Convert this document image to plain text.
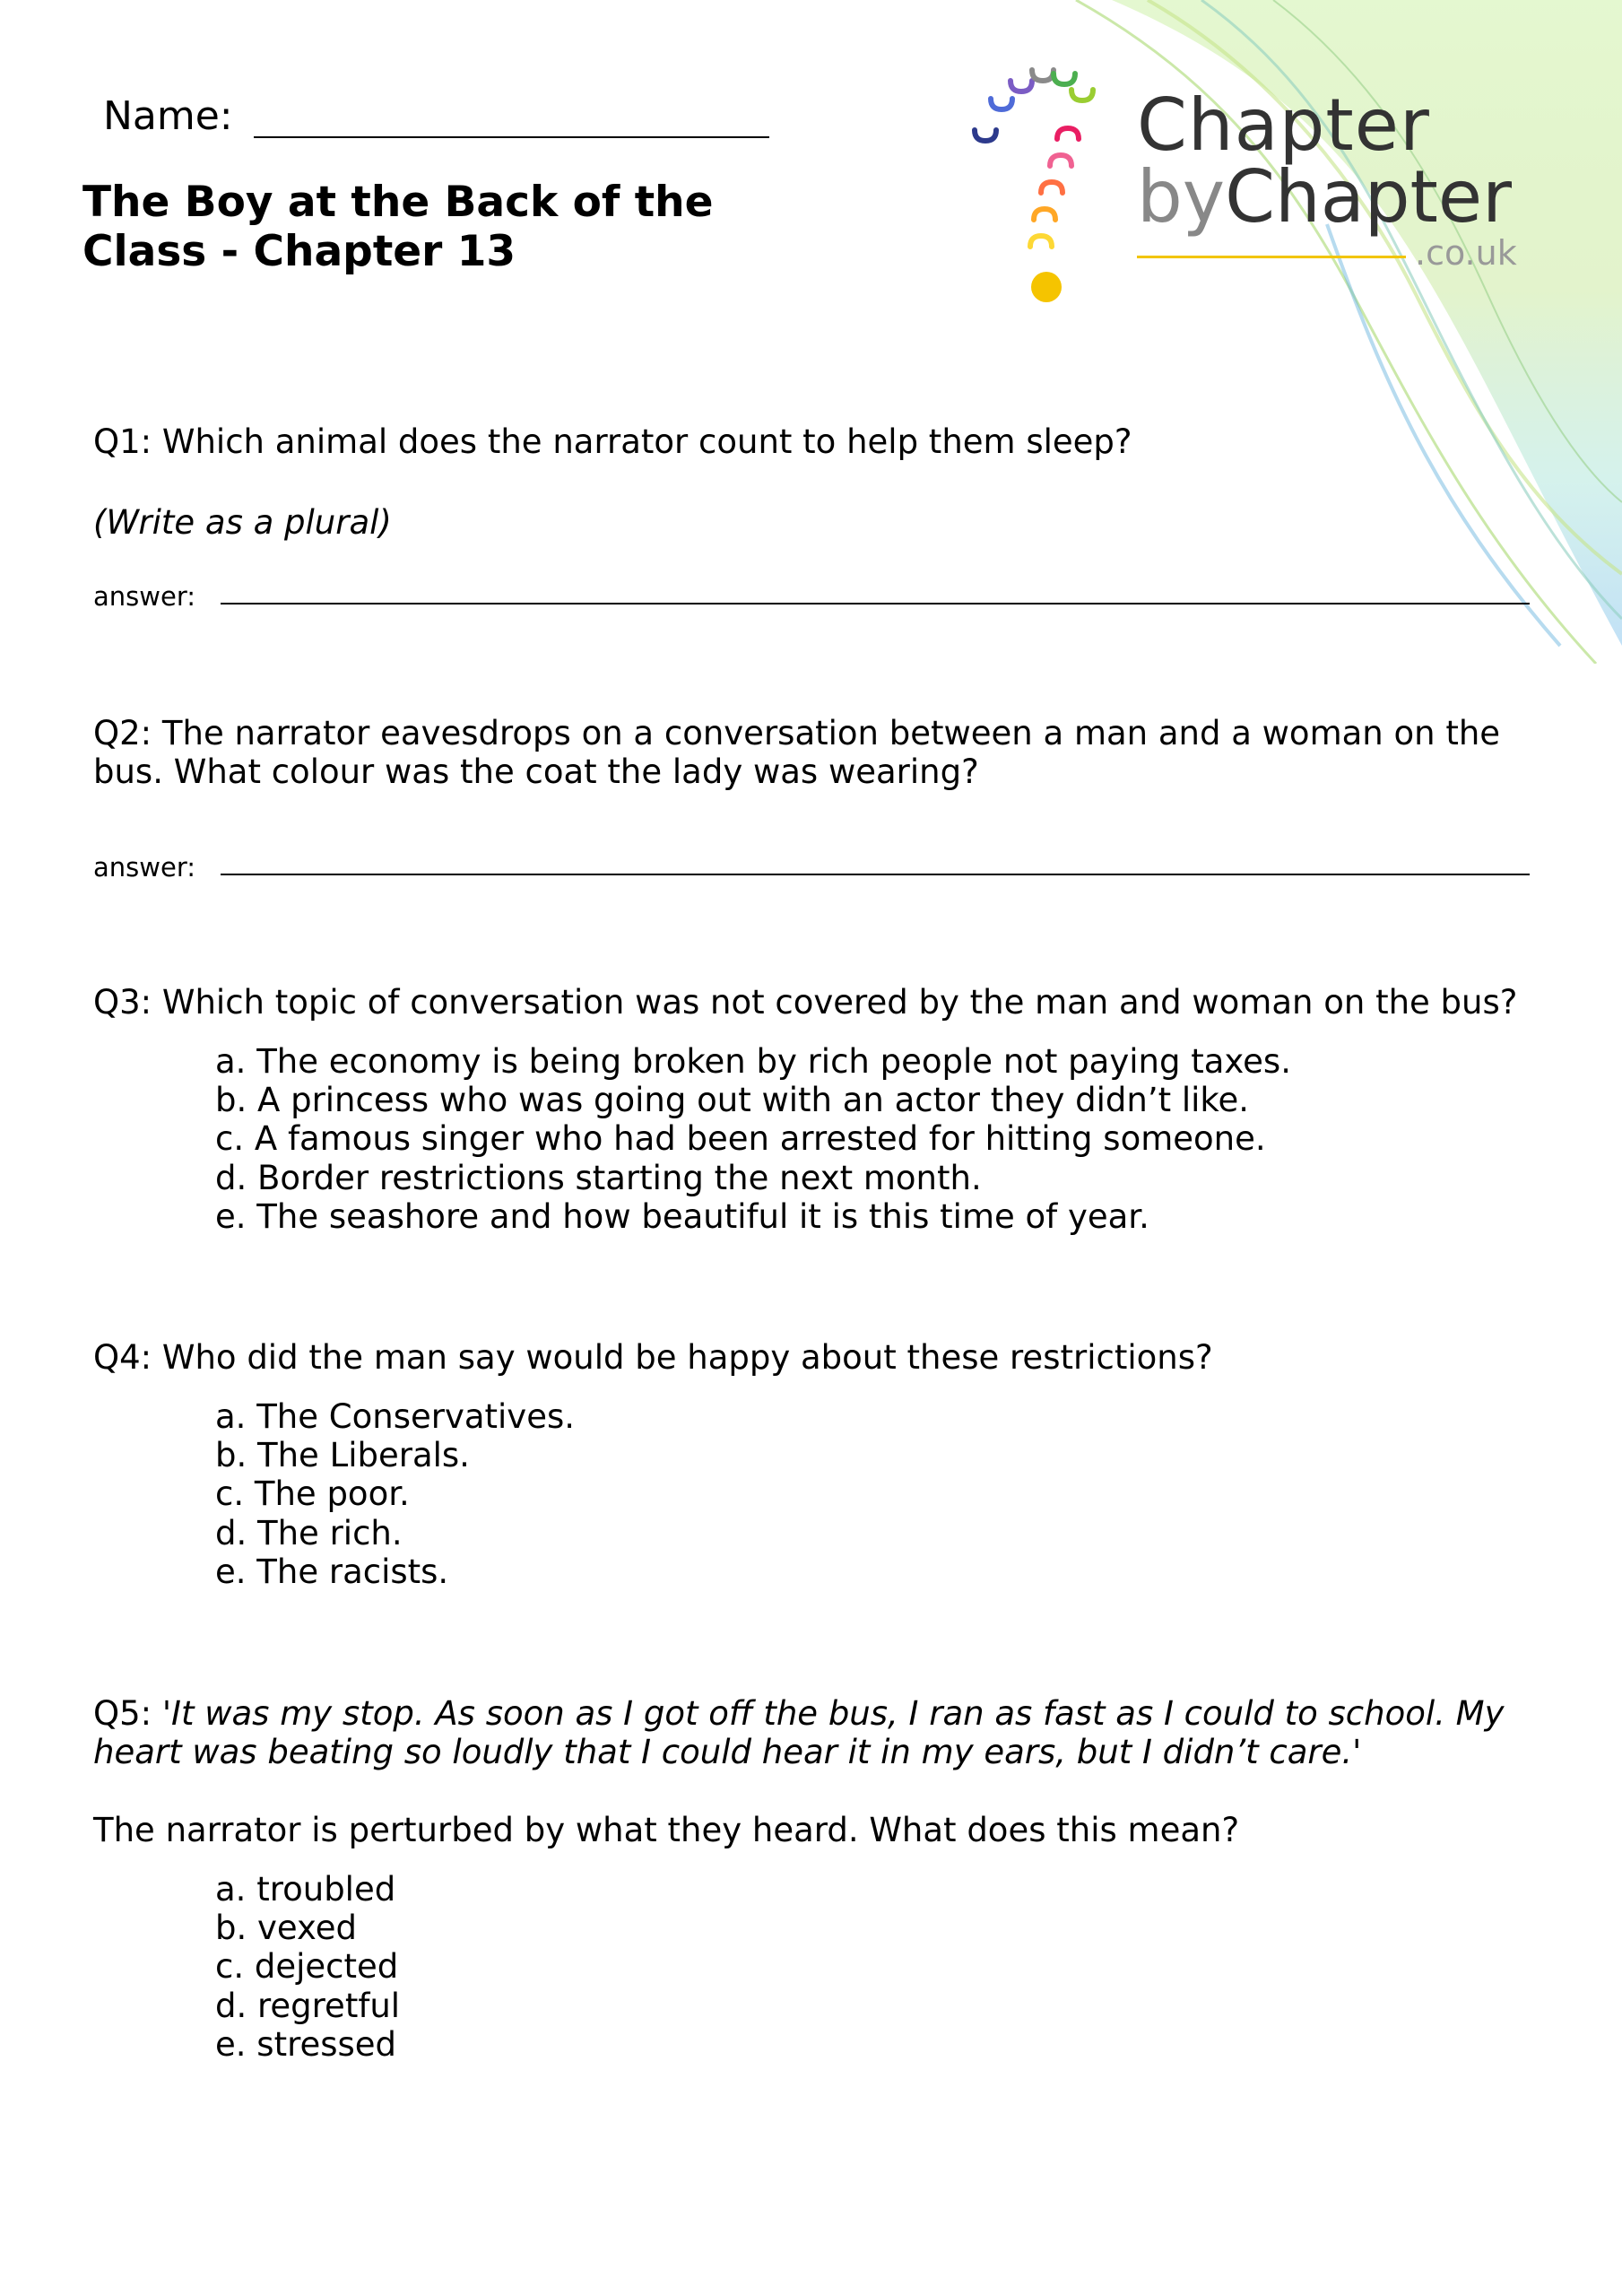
Chapter
byChapter
.co.uk
Name:
The Boy at the Back of the
Class - Chapter 13
Q1: Which animal does the narrator count to help them sleep?
(Write as a plural)
answer:
Q2: The narrator eavesdrops on a conversation between a man and a woman on the
bus. What colour was the coat the lady was wearing?
answer:
Q3: Which topic of conversation was not covered by the man and woman on the bus?
a. The economy is being broken by rich people not paying taxes.
b. A princess who was going out with an actor they didn’t like.
c. A famous singer who had been arrested for hitting someone.
d. Border restrictions starting the next month.
e. The seashore and how beautiful it is this time of year.
Q4: Who did the man say would be happy about these restrictions?
a. The Conservatives.
b. The Liberals.
c. The poor.
d. The rich.
e. The racists.
Q5: 'It was my stop. As soon as I got off the bus, I ran as fast as I could to school. My
heart was beating so loudly that I could hear it in my ears, but I didn’t care.'
The narrator is perturbed by what they heard. What does this mean?
a. troubled
b. vexed
c. dejected
d. regretful
e. stressed
